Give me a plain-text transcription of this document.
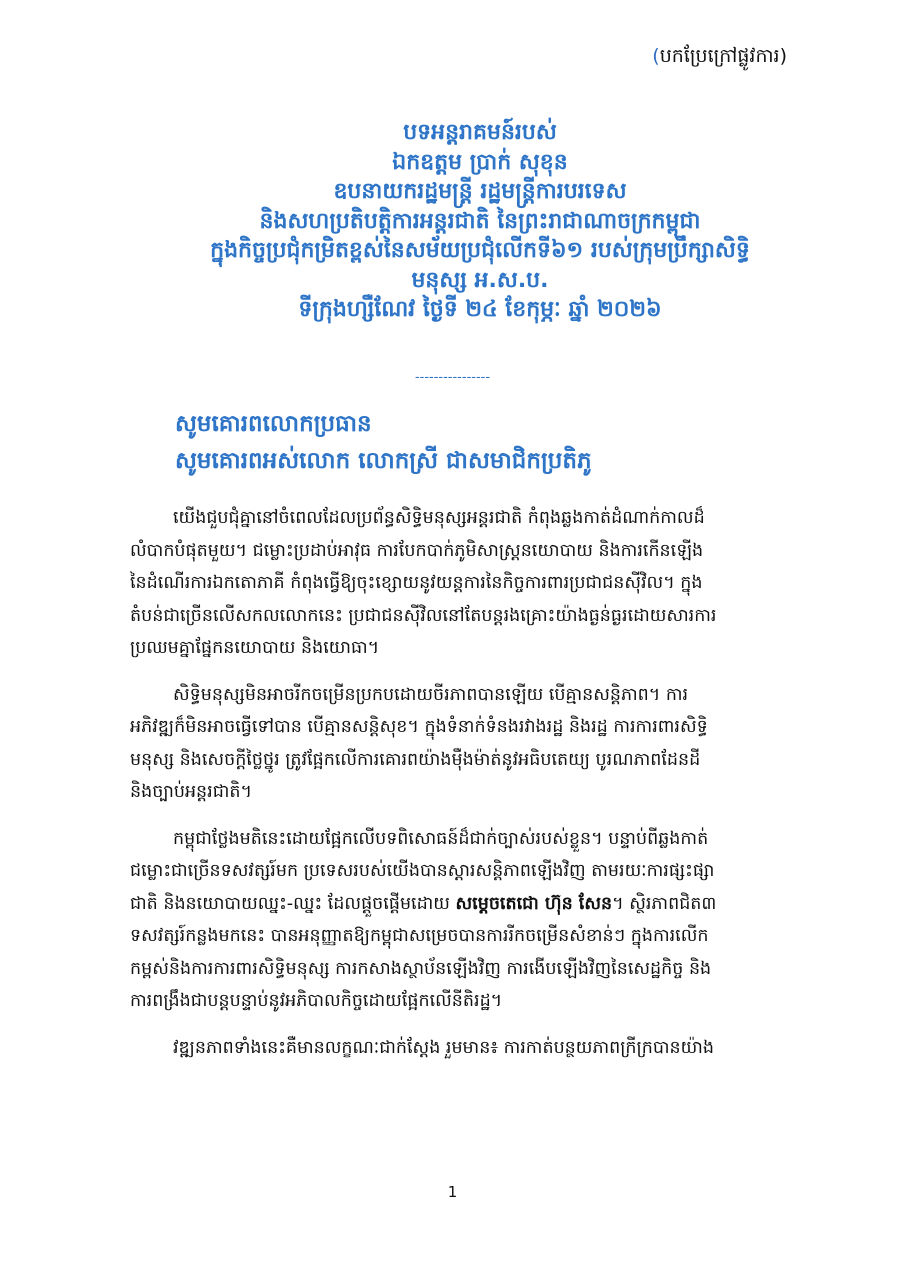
(បកប្រែក្រៅផ្លូវការ)
បទអន្តរាគមន៍របស់
ឯកឧត្តម ប្រាក់ សុខុន
ឧបនាយករដ្ឋមន្ត្រី រដ្ឋមន្ត្រីការបរទេស
និងសហប្រតិបត្តិការអន្តរជាតិ នៃព្រះរាជាណាចក្រកម្ពុជា
ក្នុងកិច្ចប្រជុំកម្រិតខ្ពស់នៃសម័យប្រជុំលើកទី៦១ របស់ក្រុមប្រឹក្សាសិទ្ធិ
មនុស្ស អ.ស.ប.
ទីក្រុងហ្សឺណែវ ថ្ងៃទី ២៤ ខែកុម្ភៈ ឆ្នាំ ២០២៦
----------------
សូមគោរពលោកប្រធាន
សូមគោរពអស់លោក លោកស្រី ជាសមាជិកប្រតិភូ
យើងជួបជុំគ្នានៅចំពេលដែលប្រព័ន្ធសិទ្ធិមនុស្សអន្តរជាតិ កំពុងឆ្លងកាត់ដំណាក់កាលដ៏
លំបាកបំផុតមួយ។ ជម្លោះប្រដាប់អាវុធ ការបែកបាក់ភូមិសាស្ត្រនយោបាយ និងការកើនឡើង
នៃដំណើរការឯកតោភាគី កំពុងធ្វើឱ្យចុះខ្សោយនូវយន្តការនៃកិច្ចការពារប្រជាជនស៊ីវិល។ ក្នុង
តំបន់ជាច្រើនលើសកលលោកនេះ ប្រជាជនស៊ីវិលនៅតែបន្តរងគ្រោះយ៉ាងធ្ងន់ធ្ងរដោយសារការ
ប្រឈមគ្នាផ្នែកនយោបាយ និងយោធា។
សិទ្ធិមនុស្សមិនអាចរីកចម្រើនប្រកបដោយចីរភាពបានឡើយ បើគ្មានសន្តិភាព។ ការ
អភិវឌ្ឍក៏មិនអាចធ្វើទៅបាន បើគ្មានសន្តិសុខ។ ក្នុងទំនាក់ទំនងរវាងរដ្ឋ និងរដ្ឋ ការការពារសិទ្ធិ
មនុស្ស និងសេចក្តីថ្លៃថ្នូរ ត្រូវផ្អែកលើការគោរពយ៉ាងម៉ឺងម៉ាត់នូវអធិបតេយ្យ បូរណភាពដែនដី
និងច្បាប់អន្តរជាតិ។
កម្ពុជាថ្លែងមតិនេះដោយផ្អែកលើបទពិសោធន៍ដ៏ជាក់ច្បាស់របស់ខ្លួន។ បន្ទាប់ពីឆ្លងកាត់
ជម្លោះជាច្រើនទសវត្សរ៍មក ប្រទេសរបស់យើងបានស្តារសន្តិភាពឡើងវិញ តាមរយៈការផ្សះផ្សា
ជាតិ និងនយោបាយឈ្នះ-ឈ្នះ ដែលផ្តួចផ្តើមដោយ សម្តេចតេជោ ហ៊ុន សែន។ ស្ថិរភាពជិត៣
ទសវត្សរ៍កន្លងមកនេះ បានអនុញ្ញាតឱ្យកម្ពុជាសម្រេចបានការរីកចម្រើនសំខាន់ៗ ក្នុងការលើក
កម្ពស់និងការការពារសិទ្ធិមនុស្ស ការកសាងស្ថាប័នឡើងវិញ ការងើបឡើងវិញនៃសេដ្ឋកិច្ច និង
ការពង្រឹងជាបន្តបន្ទាប់នូវអភិបាលកិច្ចដោយផ្អែកលើនីតិរដ្ឋ។
វឌ្ឍនភាពទាំងនេះគឺមានលក្ខណៈជាក់ស្តែង រួមមាន៖ ការកាត់បន្ថយភាពក្រីក្របានយ៉ាង
1
